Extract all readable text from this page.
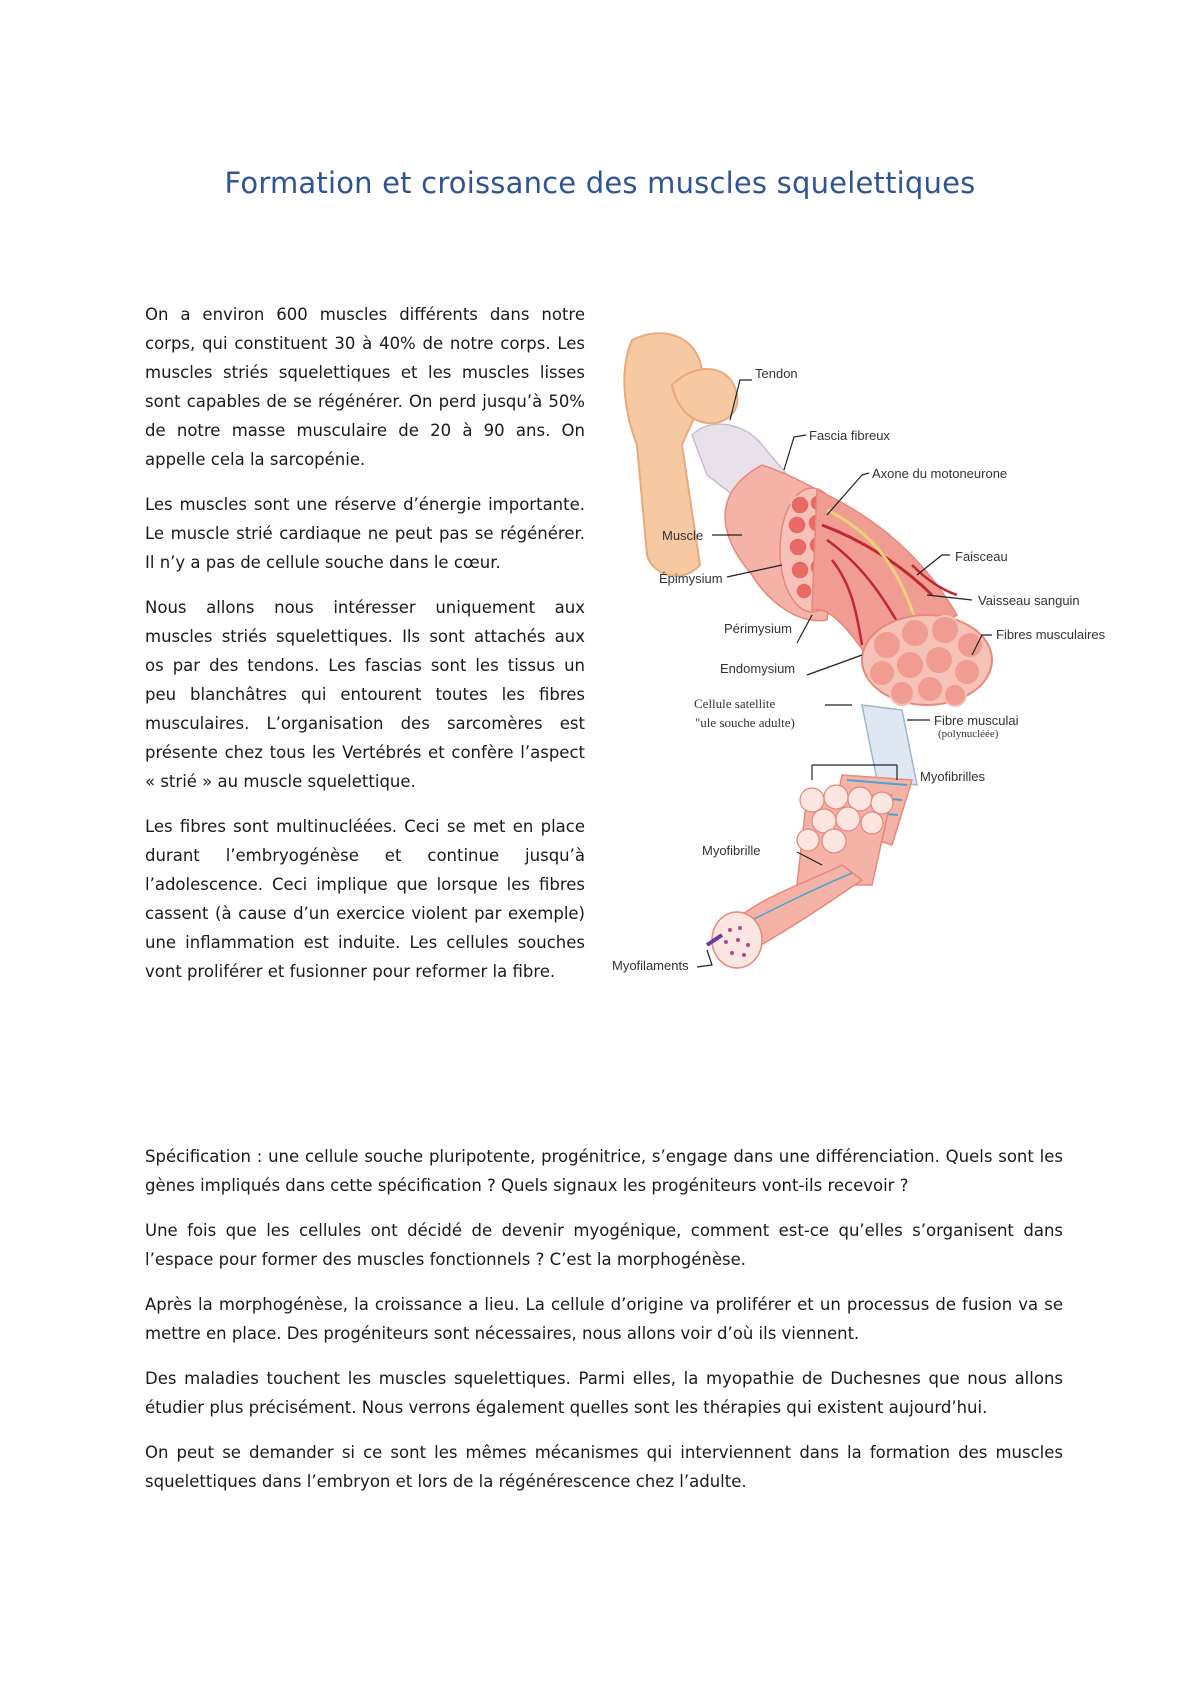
Formation et croissance des muscles squelettiques

On a environ 600 muscles différents dans notre corps, qui constituent 30 à 40% de notre corps. Les muscles striés squelettiques et les muscles lisses sont capables de se régénérer. On perd jusqu’à 50% de notre masse musculaire de 20 à 90 ans. On appelle cela la sarcopénie.

Les muscles sont une réserve d’énergie importante. Le muscle strié cardiaque ne peut pas se régénérer. Il n’y a pas de cellule souche dans le cœur.

Nous allons nous intéresser uniquement aux muscles striés squelettiques. Ils sont attachés aux os par des tendons. Les fascias sont les tissus un peu blanchâtres qui entourent toutes les fibres musculaires. L’organisation des sarcomères est présente chez tous les Vertébrés et confère l’aspect « strié » au muscle squelettique.

Les fibres sont multinucléées. Ceci se met en place durant l’embryogénèse et continue jusqu’à l’adolescence. Ceci implique que lorsque les fibres cassent (à cause d’un exercice violent par exemple) une inflammation est induite. Les cellules souches vont proliférer et fusionner pour reformer la fibre.

Tendon
Fascia fibreux
Axone du motoneurone
Muscle
Faisceau
Épimysium
Vaisseau sanguin
Périmysium	Fibres musculaires
Endomysium
Cellule satellite
"ule souche adulte)	Fibre musculai
(polynucléée)
Myofibrilles
Myofibrille
Myofilaments

Spécification : une cellule souche pluripotente, progénitrice, s’engage dans une différenciation. Quels sont les gènes impliqués dans cette spécification ? Quels signaux les progéniteurs vont-ils recevoir ?

Une fois que les cellules ont décidé de devenir myogénique, comment est-ce qu’elles s’organisent dans l’espace pour former des muscles fonctionnels ? C’est la morphogénèse.

Après la morphogénèse, la croissance a lieu. La cellule d’origine va proliférer et un processus de fusion va se mettre en place. Des progéniteurs sont nécessaires, nous allons voir d’où ils viennent.

Des maladies touchent les muscles squelettiques. Parmi elles, la myopathie de Duchesnes que nous allons étudier plus précisément. Nous verrons également quelles sont les thérapies qui existent aujourd’hui.

On peut se demander si ce sont les mêmes mécanismes qui interviennent dans la formation des muscles squelettiques dans l’embryon et lors de la régénérescence chez l’adulte.
